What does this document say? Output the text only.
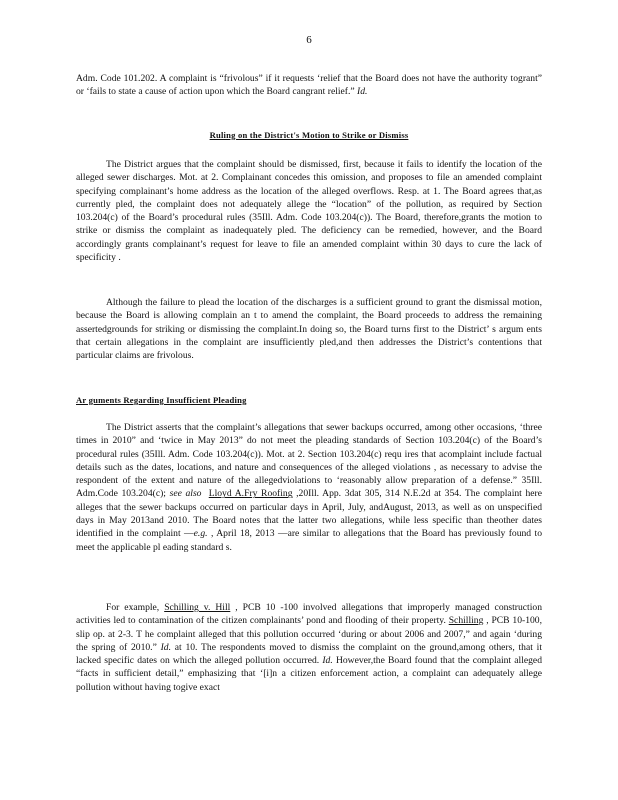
6

Adm. Code 101.202. A complaint is “frivolous” if it requests ‘relief that the Board does not have the authority togrant” or ‘fails to state a cause of action upon which the Board cangrant relief.” Id.

Ruling on the District's Motion to Strike or Dismiss

The District argues that the complaint should be dismissed, first, because it fails to identify the location of the alleged sewer discharges. Mot. at 2. Complainant concedes this omission, and proposes to file an amended complaint specifying complainant’s home address as the location of the alleged overflows. Resp. at 1. The Board agrees that,as currently pled, the complaint does not adequately allege the “location” of the pollution, as required by Section 103.204(c) of the Board’s procedural rules (35Ill. Adm. Code 103.204(c)). The Board, therefore,grants the motion to strike or dismiss the complaint as inadequately pled. The deficiency can be remedied, however, and the Board accordingly grants complainant’s request for leave to file an amended complaint within 30 days to cure the lack of specificity .

Although the failure to plead the location of the discharges is a sufficient ground to grant the dismissal motion, because the Board is allowing complain an t to amend the complaint, the Board proceeds to address the remaining assertedgrounds for striking or dismissing the complaint.In doing so, the Board turns first to the District’ s argum ents that certain allegations in the complaint are insufficiently pled,and then addresses the District’s contentions that particular claims are frivolous.

Ar guments Regarding Insufficient Pleading

The District asserts that the complaint’s allegations that sewer backups occurred, among other occasions, ‘three times in 2010” and ‘twice in May 2013” do not meet the pleading standards of Section 103.204(c) of the Board’s procedural rules (35Ill. Adm. Code 103.204(c)). Mot. at 2. Section 103.204(c) requ ires that acomplaint include factual details such as the dates, locations, and nature and consequences of the alleged violations , as necessary to advise the respondent of the extent and nature of the allegedviolations to ‘reasonably allow preparation of a defense.” 35Ill. Adm.Code 103.204(c); see also Lloyd A.Fry Roofing ,20Ill. App. 3dat 305, 314 N.E.2d at 354. The complaint here alleges that the sewer backups occurred on particular days in April, July, andAugust, 2013, as well as on unspecified days in May 2013and 2010. The Board notes that the latter two allegations, while less specific than theother dates identified in the complaint —e.g. , April 18, 2013 —are similar to allegations that the Board has previously found to meet the applicable pl eading standard s.

For example, Schilling v. Hill , PCB 10 -100 involved allegations that improperly managed construction activities led to contamination of the citizen complainants’ pond and flooding of their property. Schilling , PCB 10-100, slip op. at 2-3. T he complaint alleged that this pollution occurred ‘during or about 2006 and 2007,” and again ‘during the spring of 2010.” Id. at 10. The respondents moved to dismiss the complaint on the ground,among others, that it lacked specific dates on which the alleged pollution occurred. Id. However,the Board found that the complaint alleged “facts in sufficient detail,” emphasizing that ‘[i]n a citizen enforcement action, a complaint can adequately allege pollution without having togive exact
